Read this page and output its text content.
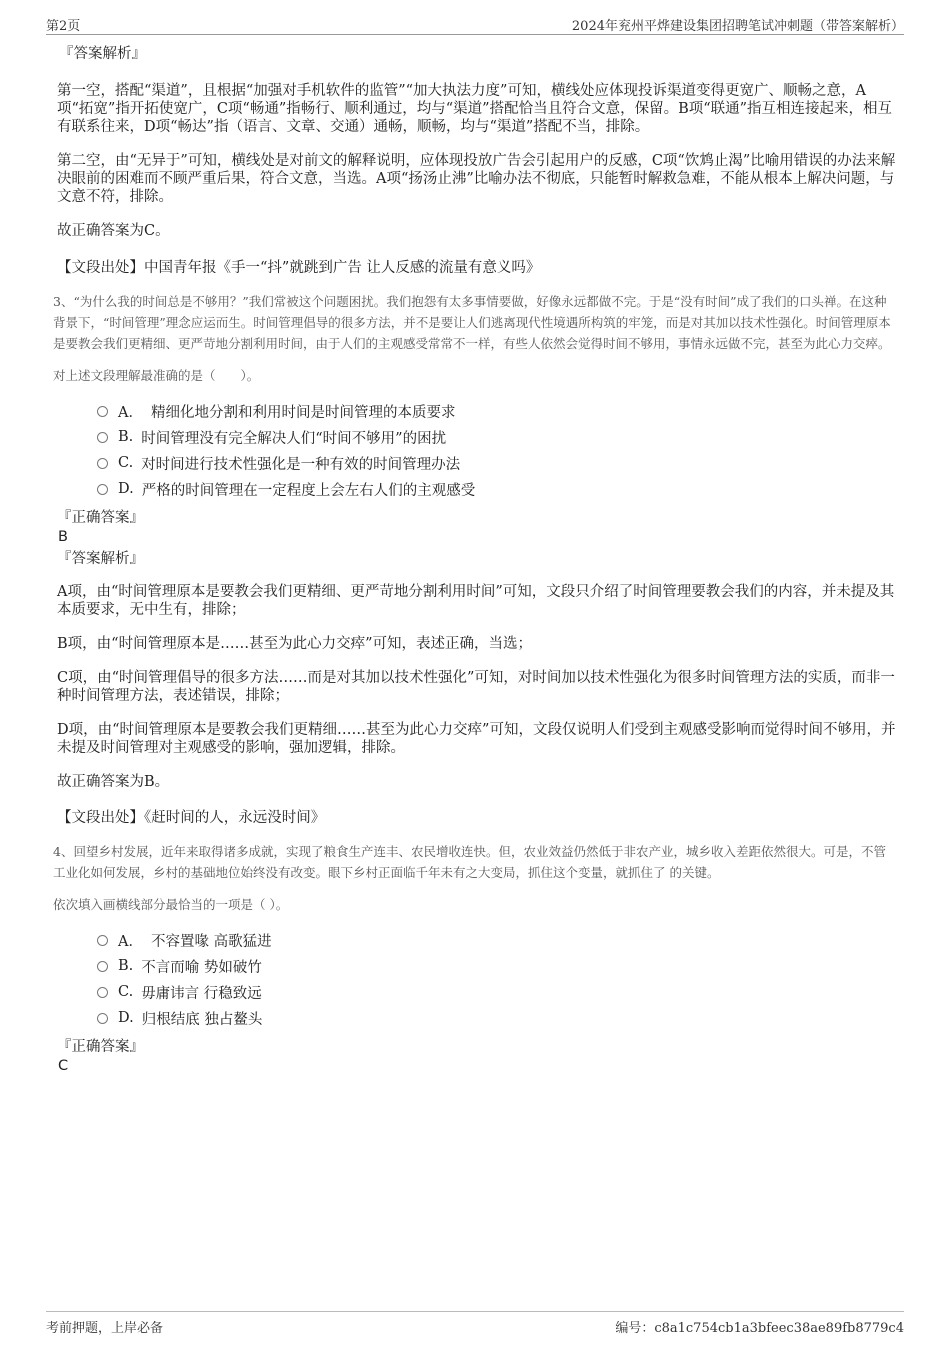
第2页	2024年兖州平烨建设集团招聘笔试冲刺题（带答案解析）
『答案解析』

第一空，搭配“渠道”，且根据“加强对手机软件的监管”“加大执法力度”可知，横线处应体现投诉渠道变得更宽广、顺畅之意，A项“拓宽”指开拓使宽广，C项“畅通”指畅行、顺利通过，均与“渠道”搭配恰当且符合文意，保留。B项“联通”指互相连接起来，相互有联系往来，D项“畅达”指（语言、文章、交通）通畅，顺畅，均与“渠道”搭配不当，排除。

第二空，由“无异于”可知，横线处是对前文的解释说明，应体现投放广告会引起用户的反感，C项“饮鸩止渴”比喻用错误的办法来解决眼前的困难而不顾严重后果，符合文意，当选。A项“扬汤止沸”比喻办法不彻底，只能暂时解救急难，不能从根本上解决问题，与文意不符，排除。

故正确答案为C。

【文段出处】中国青年报《手一“抖”就跳到广告 让人反感的流量有意义吗》

3、“为什么我的时间总是不够用？”我们常被这个问题困扰。我们抱怨有太多事情要做，好像永远都做不完。于是“没有时间”成了我们的口头禅。在这种背景下，“时间管理”理念应运而生。时间管理倡导的很多方法，并不是要让人们逃离现代性境遇所构筑的牢笼，而是对其加以技术性强化。时间管理原本是要教会我们更精细、更严苛地分割利用时间，由于人们的主观感受常常不一样，有些人依然会觉得时间不够用，事情永远做不完，甚至为此心力交瘁。

对上述文段理解最准确的是（　　）。

A． 精细化地分割和利用时间是时间管理的本质要求
B. 时间管理没有完全解决人们“时间不够用”的困扰
C. 对时间进行技术性强化是一种有效的时间管理办法
D. 严格的时间管理在一定程度上会左右人们的主观感受
『正确答案』
B
『答案解析』

A项，由“时间管理原本是要教会我们更精细、更严苛地分割利用时间”可知，文段只介绍了时间管理要教会我们的内容，并未提及其本质要求，无中生有，排除；

B项，由“时间管理原本是……甚至为此心力交瘁”可知，表述正确，当选；

C项，由“时间管理倡导的很多方法……而是对其加以技术性强化”可知，对时间加以技术性强化为很多时间管理方法的实质，而非一种时间管理方法，表述错误，排除；

D项，由“时间管理原本是要教会我们更精细……甚至为此心力交瘁”可知，文段仅说明人们受到主观感受影响而觉得时间不够用，并未提及时间管理对主观感受的影响，强加逻辑，排除。

故正确答案为B。

【文段出处】《赶时间的人，永远没时间》

4、回望乡村发展，近年来取得诸多成就，实现了粮食生产连丰、农民增收连快。但，农业效益仍然低于非农产业，城乡收入差距依然很大。可是，不管工业化如何发展，乡村的基础地位始终没有改变。眼下乡村正面临千年未有之大变局，抓住这个变量，就抓住了 的关键。

依次填入画横线部分最恰当的一项是（ ）。

A． 不容置喙 高歌猛进
B. 不言而喻 势如破竹
C. 毋庸讳言 行稳致远
D. 归根结底 独占鳌头
『正确答案』
C
考前押题，上岸必备	编号：c8a1c754cb1a3bfeec38ae89fb8779c4
